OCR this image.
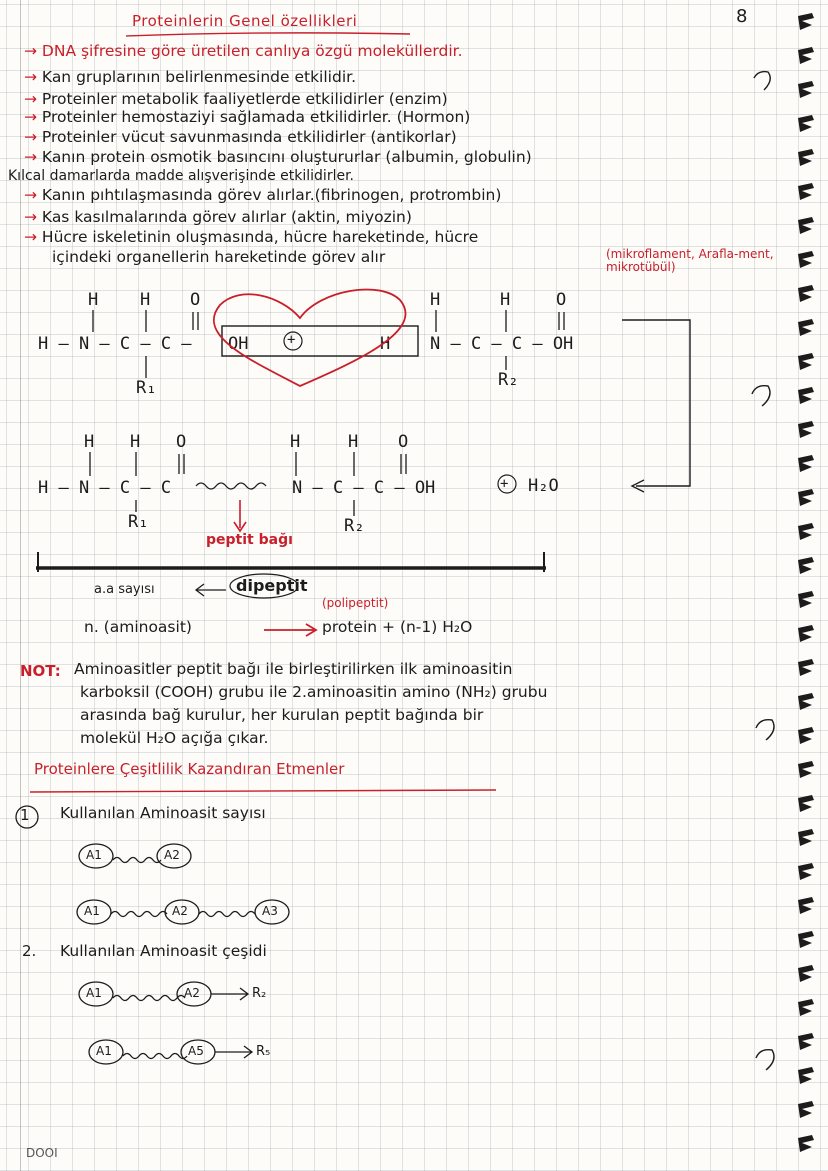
8
Proteinlerin Genel özellikleri
→ DNA şifresine göre üretilen canlıya özgü moleküllerdir.
→ Kan gruplarının belirlenmesinde etkilidir.
→ Proteinler metabolik faaliyetlerde etkilidirler (enzim)
→ Proteinler hemostaziyi sağlamada etkilidirler. (Hormon)
→ Proteinler vücut savunmasında etkilidirler (antikorlar)
→ Kanın protein osmotik basıncını oluştururlar (albumin, globulin)
Kılcal damarlarda madde alışverişinde etkilidirler.
→ Kanın pıhtılaşmasında görev alırlar.(fibrinogen, protrombin)
→ Kas kasılmalarında görev alırlar (aktin, miyozin)
→ Hücre iskeletinin oluşmasında, hücre hareketinde, hücre
içindeki organellerin hareketinde görev alır	(mikroflament, Arafla-ment, mikrotübül)
H H O
H – N – C – C – OH	+
R₁
H	H	O
H N – C – C – OH
R₂
H H O	H	H O
H – N – C – C	N – C – C – OH	+ H₂O
R₁	R₂
peptit bağı
a.a sayısı	dipeptit
(polipeptit)
n. (aminoasit)	protein + (n-1) H₂O
NOT: Aminoasitler peptit bağı ile birleştirilirken ilk aminoasitin
karboksil (COOH) grubu ile 2.aminoasitin amino (NH₂) grubu
arasında bağ kurulur, her kurulan peptit bağında bir
molekül H₂O açığa çıkar.
Proteinlere Çeşitlilik Kazandıran Etmenler
1 Kullanılan Aminoasit sayısı
2. Kullanılan Aminoasit çeşidi
A1	A2
A1	A2	A3
A1	A2	R₂
A1	A5	R₅
DOOI
